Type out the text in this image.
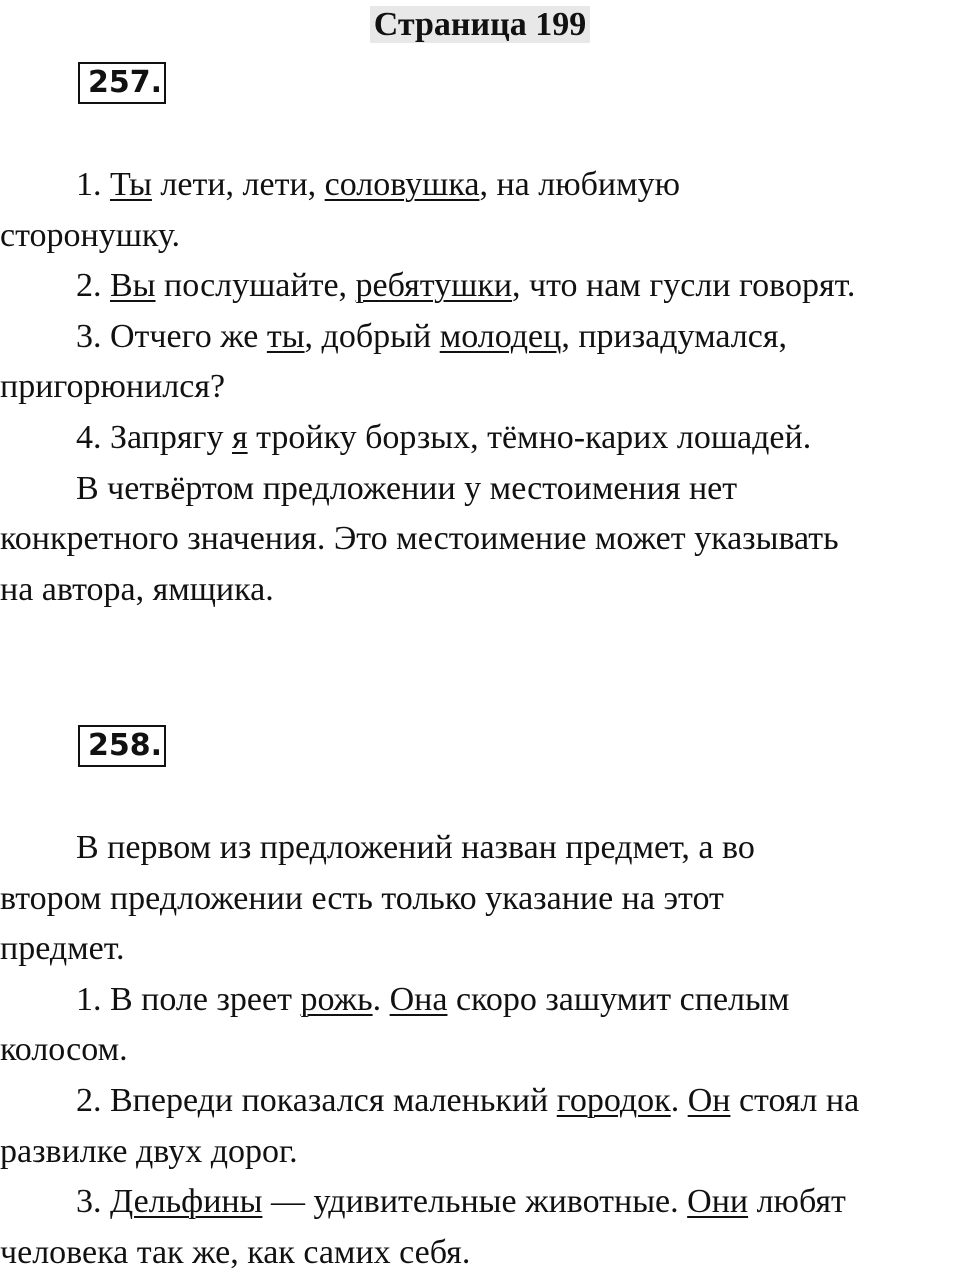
Страница 199
257.

1. Ты лети, лети, соловушка, на любимую

сторонушку.

2. Вы послушайте, ребятушки, что нам гусли говорят.

3. Отчего же ты, добрый молодец, призадумался,

пригорюнился?

4. Запрягу я тройку борзых, тёмно-карих лошадей.

В четвёртом предложении у местоимения нет

конкретного значения. Это местоимение может указывать

на автора, ямщика.

258.

В первом из предложений назван предмет, а во

втором предложении есть только указание на этот

предмет.

1. В поле зреет рожь. Она скоро зашумит спелым

колосом.

2. Впереди показался маленький городок. Он стоял на

развилке двух дорог.

3. Дельфины — удивительные животные. Они любят

человека так же, как самих себя.
